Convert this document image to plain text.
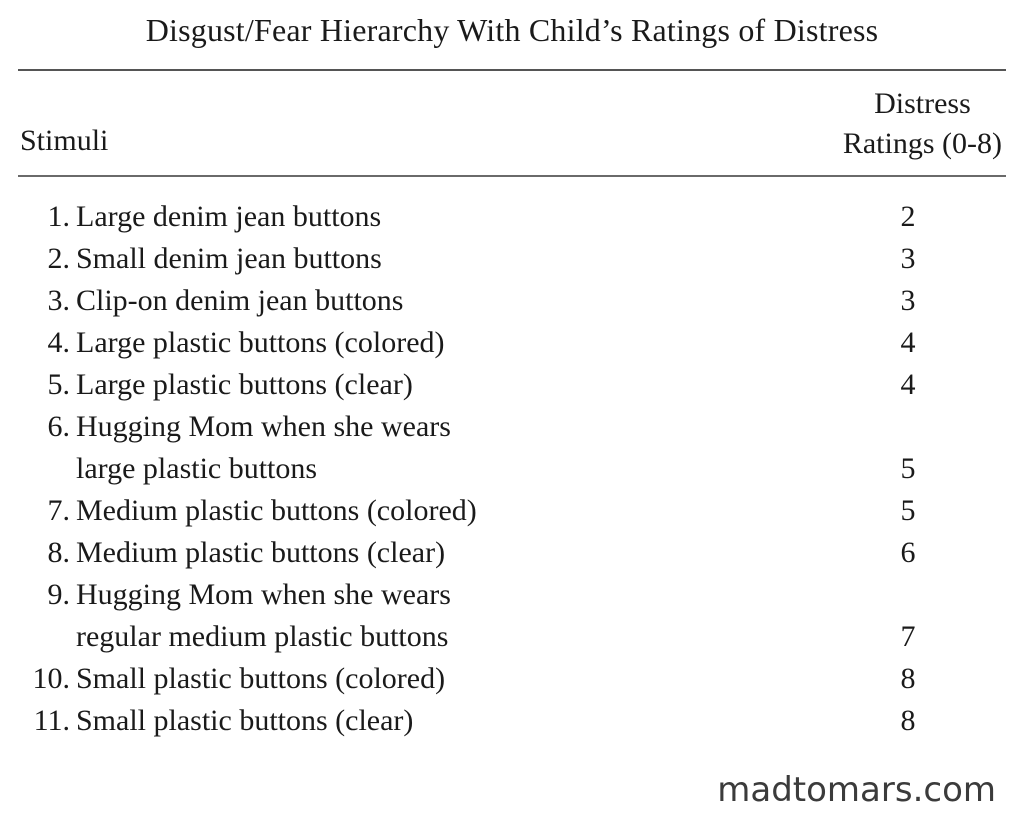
Disgust/Fear Hierarchy With Child’s Ratings of Distress
Stimuli
Distress
Ratings (0-8)
1. Large denim jean buttons	2
2. Small denim jean buttons	3
3. Clip-on denim jean buttons	3
4. Large plastic buttons (colored)	4
5. Large plastic buttons (clear)	4
6. Hugging Mom when she wears
large plastic buttons	5
7. Medium plastic buttons (colored)	5
8. Medium plastic buttons (clear)	6
9. Hugging Mom when she wears
regular medium plastic buttons	7
10. Small plastic buttons (colored)	8
11. Small plastic buttons (clear)	8
madtomars.com
